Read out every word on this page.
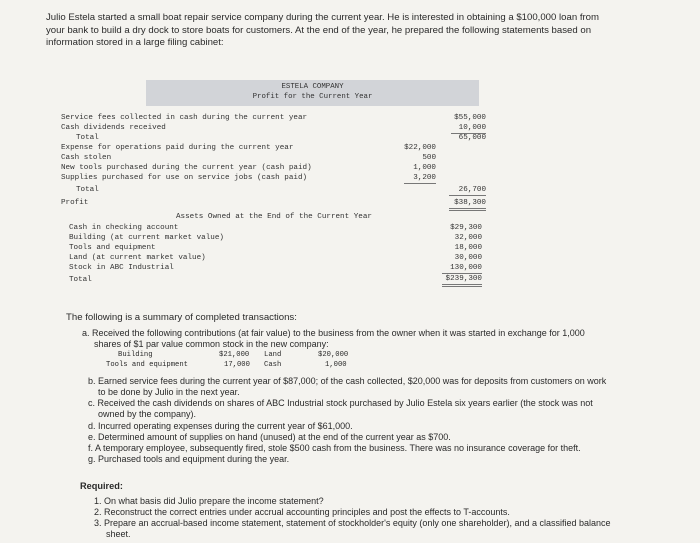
Julio Estela started a small boat repair service company during the current year. He is interested in obtaining a $100,000 loan from
your bank to build a dry dock to store boats for customers. At the end of the year, he prepared the following statements based on
information stored in a large filing cabinet:
ESTELA COMPANY
Profit for the Current Year
Service fees collected in cash during the current year	$55,000
Cash dividends received	10,000
Total	65,000
Expense for operations paid during the current year	$22,000
Cash stolen	500
New tools purchased during the current year (cash paid)	1,000
Supplies purchased for use on service jobs (cash paid)	3,200
Total	26,700
Profit	$38,300
Assets Owned at the End of the Current Year
Cash in checking account	$29,300
Building (at current market value)	32,000
Tools and equipment	18,000
Land (at current market value)	30,000
Stock in ABC Industrial	130,000
Total	$239,300
The following is a summary of completed transactions:
a. Received the following contributions (at fair value) to the business from the owner when it was started in exchange for 1,000
shares of $1 par value common stock in the new company:
Building	$21,000 Land	$20,000
Tools and equipment	17,000 Cash	1,000
b. Earned service fees during the current year of $87,000; of the cash collected, $20,000 was for deposits from customers on work
to be done by Julio in the next year.
c. Received the cash dividends on shares of ABC Industrial stock purchased by Julio Estela six years earlier (the stock was not
owned by the company).
d. Incurred operating expenses during the current year of $61,000.
e. Determined amount of supplies on hand (unused) at the end of the current year as $700.
f. A temporary employee, subsequently fired, stole $500 cash from the business. There was no insurance coverage for theft.
g. Purchased tools and equipment during the year.
Required:
1. On what basis did Julio prepare the income statement?
2. Reconstruct the correct entries under accrual accounting principles and post the effects to T-accounts.
3. Prepare an accrual-based income statement, statement of stockholder's equity (only one shareholder), and a classified balance
sheet.
